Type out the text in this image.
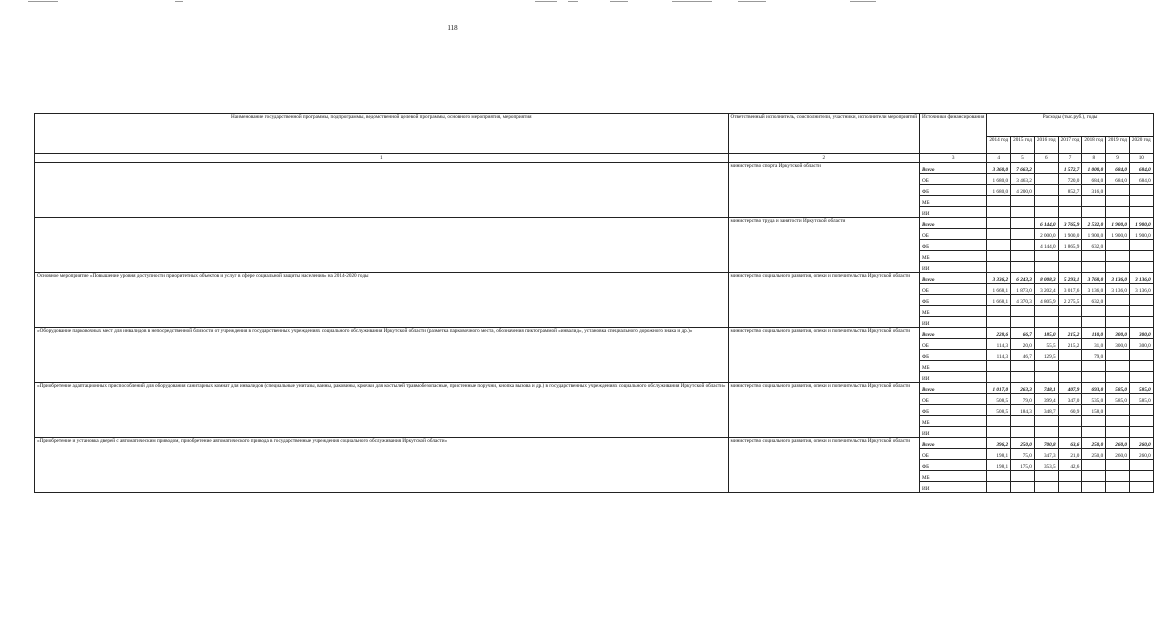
118
Наименование государственной программы, подпрограммы, ведомственной целевой программы, основного мероприятия, мероприятия	Ответственный исполнитель, соисполнители, участники, исполнители мероприятий	Источники финансирования	Расходы (тыс.руб.), годы						
			2014 год	2015 год	2016 год	2017 год	2018 год	2019 год	2020 год
1	2	3	4	5	6	7	8	9	10
	министерство спорта Иркутской области	Всего	3 360,0	7 663,2		1 572,7	1 000,0	684,0	684,0
		ОБ	1 680,0	3 463,2		720,0	684,0	684,0	684,0
		ФБ	1 680,0	4 200,0		852,7	316,0		
		МБ							
		ИИ							
	министерство труда и занятости Иркутской области	Всего			6 144,0	3 765,9	2 532,0	1 900,0	1 900,0
		ОБ			2 000,0	1 900,0	1 900,0	1 900,0	1 900,0
		ФБ			4 144,0	1 865,9	632,0		
		МБ							
		ИИ							
Основное мероприятие «Повышение уровня доступности приоритетных объектов и услуг в сфере социальной защиты населения» на 2014-2020 годы	министерство социального развития, опеки и попечительства Иркутской области	Всего	3 336,2	6 243,3	8 008,3	5 293,1	3 768,0	3 136,0	3 136,0
		ОБ	1 668,1	1 873,0	3 202,4	3 017,6	3 136,0	3 136,0	3 136,0
		ФБ	1 668,1	4 370,3	4 805,9	2 275,5	632,0		
		МБ							
		ИИ							
«Оборудование парковочных мест для инвалидов в непосредственной близости от учреждения в государственных учреждениях социального обслуживания Иркутской области (разметка парковочного места, обозначения пиктограммой «инвалид», установка специального дорожного знака и др.)»	министерство социального развития, опеки и попечительства Иркутской области	Всего	228,6	66,7	185,0	215,2	110,0	300,0	300,0
		ОБ	114,3	20,0	55,5	215,2	31,0	300,0	300,0
		ФБ	114,3	46,7	129,5		79,0		
		МБ							
		ИИ							
«Приобретение адаптационных приспособлений для оборудования санитарных комнат для инвалидов (специальные унитазы, ванны, раковины, крючки для костылей травмобезопасные, пристенные поручни, кнопка вызова и др.) в государственных учреждениях социального обслуживания Иркутской области»	министерство социального развития, опеки и попечительства Иркутской области	Всего	1 017,0	263,3	748,1	407,9	693,0	585,0	585,0
		ОБ	508,5	79,0	399,4	347,0	535,0	585,0	585,0
		ФБ	508,5	184,3	348,7	60,9	158,0		
		МБ							
		ИИ							
«Приобретение и установка дверей с автоматическим приводом, приобретение автоматического привода в государственные учреждения социального обслуживания Иркутской области»	министерство социального развития, опеки и попечительства Иркутской области	Всего	396,2	250,0	700,8	63,6	250,0	260,0	260,0
		ОБ	198,1	75,0	347,3	21,0	250,0	260,0	260,0
		ФБ	198,1	175,0	353,5	42,6			
		МБ							
		ИИ							
